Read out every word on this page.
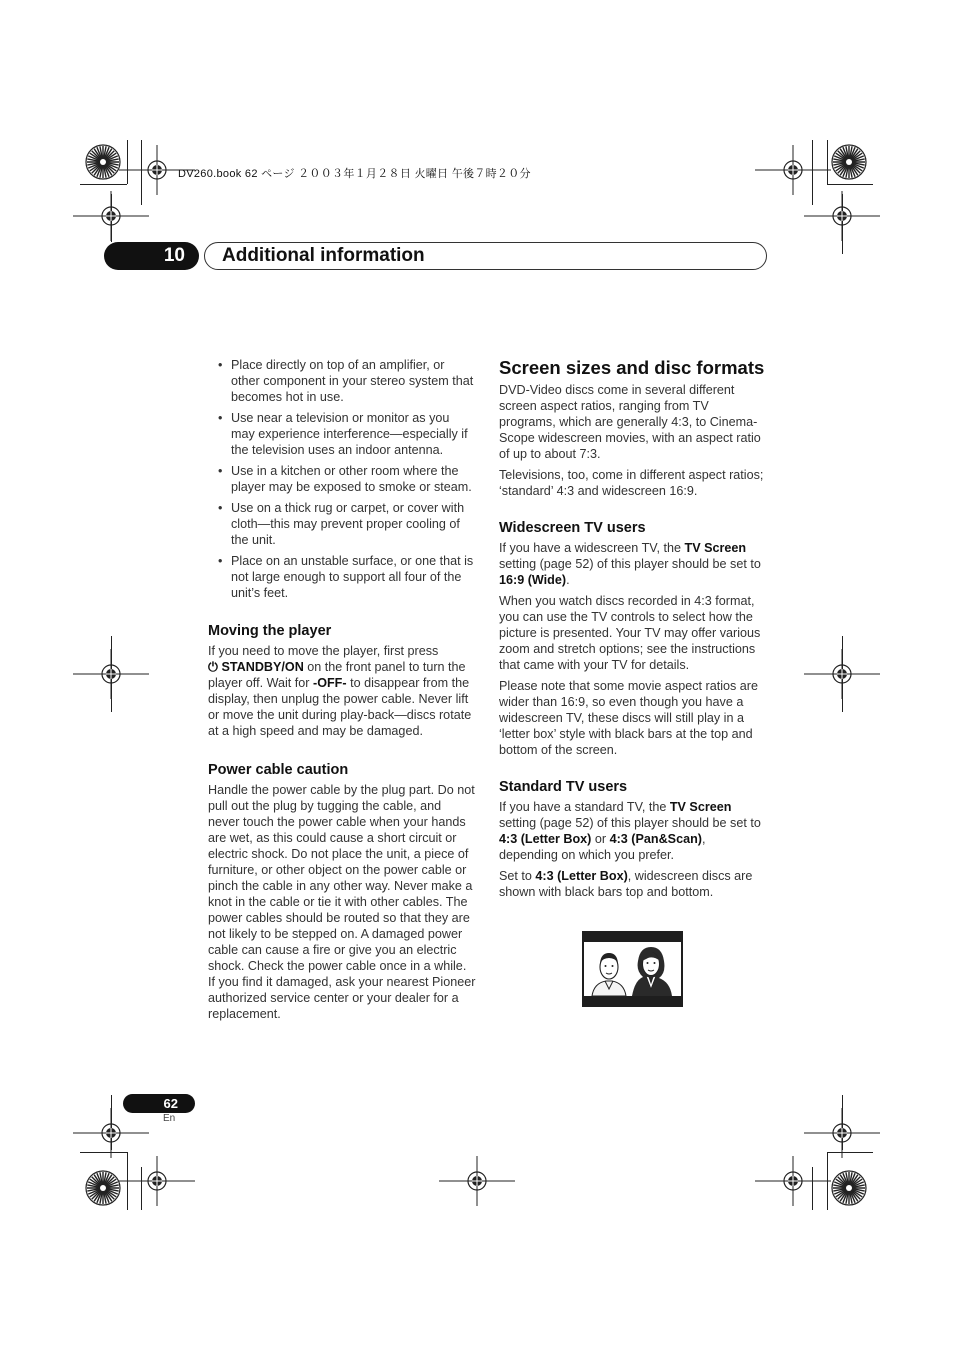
DV260.book 62 ページ ２００３年１月２８日 火曜日 午後７時２０分
10	Additional information
• Place directly on top of an amplifier, or other component in your stereo system that becomes hot in use.
• Use near a television or monitor as you may experience interference—especially if the television uses an indoor antenna.
• Use in a kitchen or other room where the player may be exposed to smoke or steam.
• Use on a thick rug or carpet, or cover with cloth—this may prevent proper cooling of the unit.
• Place on an unstable surface, or one that is not large enough to support all four of the unit’s feet.
Moving the player

If you need to move the player, first press
⏻ STANDBY/ON on the front panel to turn the player off. Wait for -OFF- to disappear from the display, then unplug the power cable. Never lift or move the unit during play-back—discs rotate at a high speed and may be damaged.

Power cable caution

Handle the power cable by the plug part. Do not pull out the plug by tugging the cable, and never touch the power cable when your hands are wet, as this could cause a short circuit or electric shock. Do not place the unit, a piece of furniture, or other object on the power cable or pinch the cable in any other way. Never make a knot in the cable or tie it with other cables. The power cables should be routed so that they are not likely to be stepped on. A damaged power cable can cause a fire or give you an electric shock. Check the power cable once in a while. If you find it damaged, ask your nearest Pioneer authorized service center or your dealer for a replacement.

Screen sizes and disc formats

DVD-Video discs come in several different screen aspect ratios, ranging from TV programs, which are generally 4:3, to Cinema-Scope widescreen movies, with an aspect ratio of up to about 7:3.

Televisions, too, come in different aspect ratios; ‘standard’ 4:3 and widescreen 16:9.

Widescreen TV users

If you have a widescreen TV, the TV Screen setting (page 52) of this player should be set to 16:9 (Wide).

When you watch discs recorded in 4:3 format, you can use the TV controls to select how the picture is presented. Your TV may offer various zoom and stretch options; see the instructions that came with your TV for details.

Please note that some movie aspect ratios are wider than 16:9, so even though you have a widescreen TV, these discs will still play in a ‘letter box’ style with black bars at the top and bottom of the screen.

Standard TV users

If you have a standard TV, the TV Screen setting (page 52) of this player should be set to 4:3 (Letter Box) or 4:3 (Pan&Scan), depending on which you prefer.

Set to 4:3 (Letter Box), widescreen discs are shown with black bars top and bottom.

62
En
